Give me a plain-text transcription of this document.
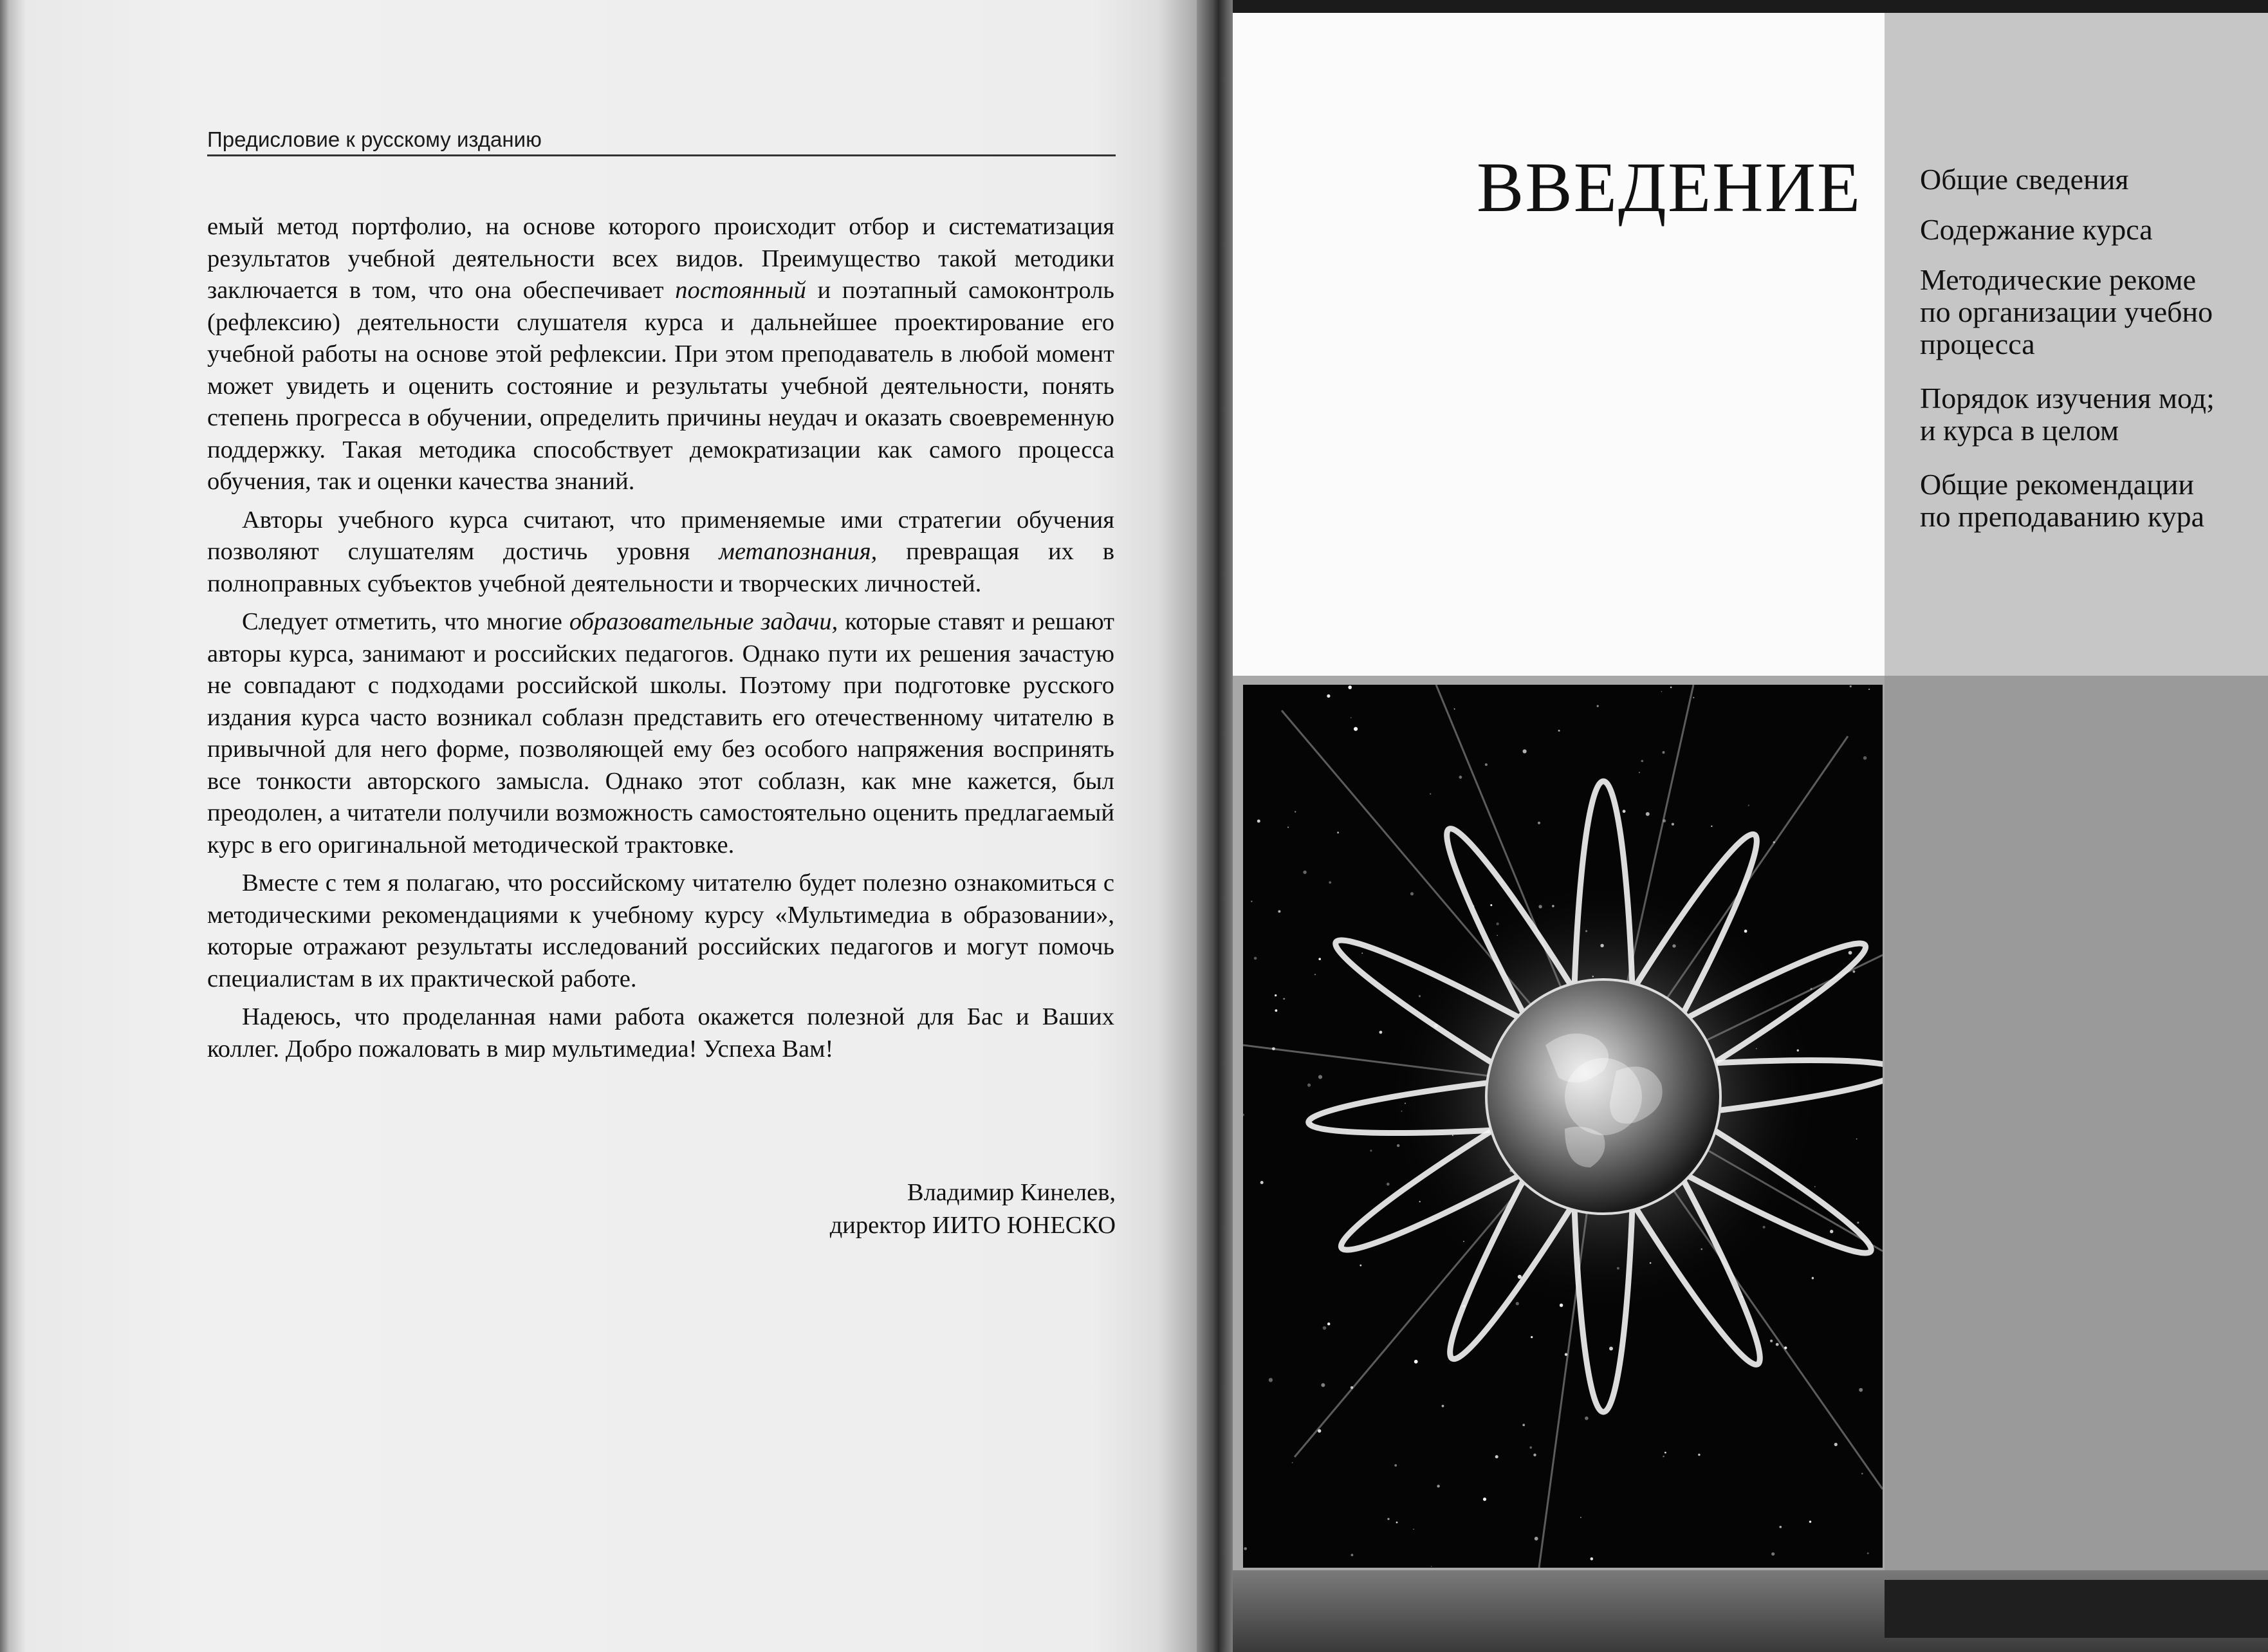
Предисловие к русскому изданию

емый метод портфолио, на основе которого происходит отбор и систематизация результатов учебной деятельности всех видов. Преимущество такой методики заключается в том, что она обеспечивает постоянный и поэтапный самоконтроль (рефлексию) деятельности слушателя курса и дальнейшее проектирование его учебной работы на основе этой рефлексии. При этом преподаватель в любой момент может увидеть и оценить состояние и результаты учебной деятельности, понять степень прогресса в обучении, определить причины неудач и оказать своевременную поддержку. Такая методика способствует демократизации как самого процесса обучения, так и оценки качества знаний.

Авторы учебного курса считают, что применяемые ими стратегии обучения позволяют слушателям достичь уровня метапознания, превращая их в полноправных субъектов учебной деятельности и творческих личностей.

Следует отметить, что многие образовательные задачи, которые ставят и решают авторы курса, занимают и российских педагогов. Однако пути их решения зачастую не совпадают с подходами российской школы. Поэтому при подготовке русского издания курса часто возникал соблазн представить его отечественному читателю в привычной для него форме, позволяющей ему без особого напряжения воспринять все тонкости авторского замысла. Однако этот соблазн, как мне кажется, был преодолен, а читатели получили возможность самостоятельно оценить предлагаемый курс в его оригинальной методической трактовке.

Вместе с тем я полагаю, что российскому читателю будет полезно ознакомиться с методическими рекомендациями к учебному курсу «Мультимедиа в образовании», которые отражают результаты исследований российских педагогов и могут помочь специалистам в их практической работе.

Надеюсь, что проделанная нами работа окажется полезной для Бас и Ваших коллег. Добро пожаловать в мир мультимедиа! Успеха Вам!

Владимир Кинелев,
директор ИИТО ЮНЕСКО
ВВЕДЕНИЕ Общие сведения
Содержание курса
Методические рекоме
по организации учебно
процесса
Порядок изучения мод;
и курса в целом
Общие рекомендации
по преподаванию кура
